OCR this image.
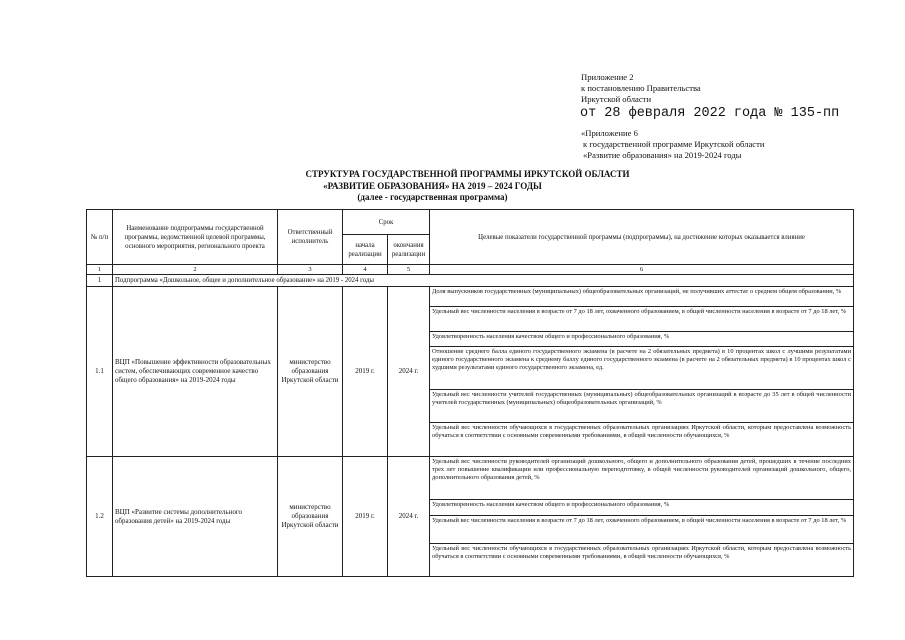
Приложение 2
к постановлению Правительства
Иркутской области
от 28 февраля 2022 года № 135-пп
«Приложение 6
к государственной программе Иркутской области
«Развитие образования» на 2019-2024 годы
СТРУКТУРА ГОСУДАРСТВЕННОЙ ПРОГРАММЫ ИРКУТСКОЙ ОБЛАСТИ
«РАЗВИТИЕ ОБРАЗОВАНИЯ» НА 2019 – 2024 ГОДЫ
(далее - государственная программа)
№ п/п	Наименование подпрограммы государственной программы, ведомственной целевой программы, основного мероприятия, регионального проекта	Ответственный исполнитель	Срок		Целевые показатели государственной программы (подпрограммы), на достижение которых оказывается влияние
			начала реализации	окончания реализации	
1	2	3	4	5	6
1	Подпрограмма «Дошкольное, общее и дополнительное образование» на 2019 - 2024 годы				
1.1	ВЦП «Повышение эффективности образовательных систем, обеспечивающих современное качество общего образования» на 2019-2024 годы	министерство образования Иркутской области	2019 г.	2024 г.	Доля выпускников государственных (муниципальных) общеобразовательных организаций, не получивших аттестат о среднем общем образовании, %
					Удельный вес численности населения в возрасте от 7 до 18 лет, охваченного образованием, в общей численности населения в возрасте от 7 до 18 лет, %
					Удовлетворенность населения качеством общего и профессионального образования, %
					Отношение среднего балла единого государственного экзамена (в расчете на 2 обязательных предмета) в 10 процентах школ с лучшими результатами единого государственного экзамена к среднему баллу единого государственного экзамена (в расчете на 2 обязательных предмета) в 10 процентах школ с худшими результатами единого государственного экзамена, ед.
					Удельный вес численности учителей государственных (муниципальных) общеобразовательных организаций в возрасте до 35 лет в общей численности учителей государственных (муниципальных) общеобразовательных организаций, %
					Удельный вес численности обучающихся в государственных образовательных организациях Иркутской области, которым предоставлена возможность обучаться в соответствии с основными современными требованиями, в общей численности обучающихся, %
1.2	ВЦП «Развитие системы дополнительного образования детей» на 2019-2024 годы	министерство образования Иркутской области	2019 г.	2024 г.	Удельный вес численности руководителей организаций дошкольного, общего и дополнительного образования детей, прошедших в течение последних трех лет повышение квалификации или профессиональную переподготовку, в общей численности руководителей организаций дошкольного, общего, дополнительного образования детей, %
					Удовлетворенность населения качеством общего и профессионального образования, %
					Удельный вес численности населения в возрасте от 7 до 18 лет, охваченного образованием, в общей численности населения в возрасте от 7 до 18 лет, %
					Удельный вес численности обучающихся в государственных образовательных организациях Иркутской области, которым предоставлена возможность обучаться в соответствии с основными современными требованиями, в общей численности обучающихся, %
